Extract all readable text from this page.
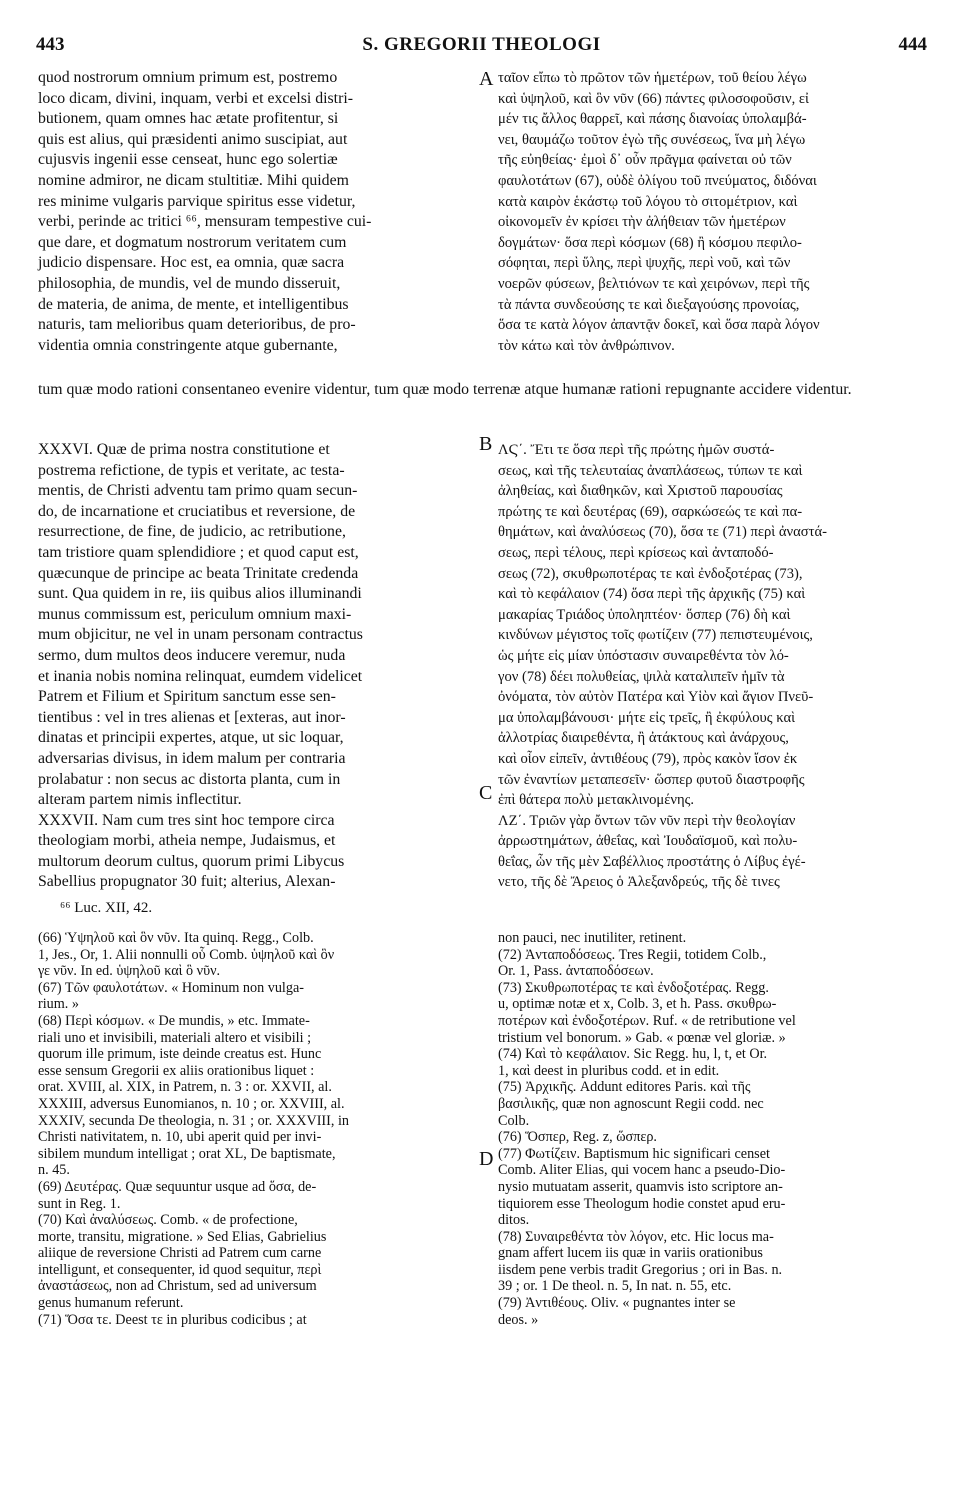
443	S. GREGORII THEOLOGI	444
A
B
C
D

quod nostrorum omnium primum est, postremo

loco dicam, divini, inquam, verbi et excelsi distri-

butionem, quam omnes hac ætate profitentur, si

quis est alius, qui præsidenti animo suscipiat, aut

cujusvis ingenii esse censeat, hunc ego solertiæ

nomine admiror, ne dicam stultitiæ. Mihi quidem

res minime vulgaris parvique spiritus esse videtur,

verbi, perinde ac tritici ⁶⁶, mensuram tempestive cui-

que dare, et dogmatum nostrorum veritatem cum

judicio dispensare. Hoc est, ea omnia, quæ sacra

philosophia, de mundis, vel de mundo disseruit,

de materia, de anima, de mente, et intelligentibus

naturis, tam melioribus quam deterioribus, de pro-

videntia omnia constringente atque gubernante,

ταῖον εἴπω τὸ πρῶτον τῶν ἡμετέρων, τοῦ θείου λέγω

καὶ ὑψηλοῦ, καὶ ὃν νῦν (66) πάντες φιλοσοφοῦσιν, εἰ

μέν τις ἄλλος θαρρεῖ, καὶ πάσης διανοίας ὑπολαμβά-

νει, θαυμάζω τοῦτον ἐγὼ τῆς συνέσεως, ἵνα μὴ λέγω

τῆς εὐηθείας· ἐμοὶ δ᾽ οὖν πρᾶγμα φαίνεται οὐ τῶν

φαυλοτάτων (67), οὐδὲ ὀλίγου τοῦ πνεύματος, διδόναι

κατὰ καιρὸν ἑκάστῳ τοῦ λόγου τὸ σιτομέτριον, καὶ

οἰκονομεῖν ἐν κρίσει τὴν ἀλήθειαν τῶν ἡμετέρων

δογμάτων· ὅσα περὶ κόσμων (68) ἢ κόσμου πεφιλο-

σόφηται, περὶ ὕλης, περὶ ψυχῆς, περὶ νοῦ, καὶ τῶν

νοερῶν φύσεων, βελτιόνων τε καὶ χειρόνων, περὶ τῆς

τὰ πάντα συνδεούσης τε καὶ διεξαγούσης προνοίας,

ὅσα τε κατὰ λόγον ἀπαντᾷν δοκεῖ, καὶ ὅσα παρὰ λόγον

τὸν κάτω καὶ τὸν ἀνθρώπινον.

tum quæ modo rationi consentaneo evenire videntur, tum quæ modo terrenæ atque humanæ rationi repugnante accidere videntur.

XXXVI. Quæ de prima nostra constitutione et

postrema refictione, de typis et veritate, ac testa-

mentis, de Christi adventu tam primo quam secun-

do, de incarnatione et cruciatibus et reversione, de

resurrectione, de fine, de judicio, ac retributione,

tam tristiore quam splendidiore ; et quod caput est,

quæcunque de principe ac beata Trinitate credenda

sunt. Qua quidem in re, iis quibus alios illuminandi

munus commissum est, periculum omnium maxi-

mum objicitur, ne vel in unam personam contractus

sermo, dum multos deos inducere veremur, nuda

et inania nobis nomina relinquat, eumdem videlicet

Patrem et Filium et Spiritum sanctum esse sen-

tientibus : vel in tres alienas et [exteras, aut inor-

dinatas et principii expertes, atque, ut sic loquar,

adversarias divisus, in idem malum per contraria

prolabatur : non secus ac distorta planta, cum in

alteram partem nimis inflectitur.

XXXVII. Nam cum tres sint hoc tempore circa

theologiam morbi, atheia nempe, Judaismus, et

multorum deorum cultus, quorum primi Libycus

Sabellius propugnator 30 fuit; alterius, Alexan-

ΛϚ΄. Ἔτι τε ὅσα περὶ τῆς πρώτης ἡμῶν συστά-

σεως, καὶ τῆς τελευταίας ἀναπλάσεως, τύπων τε καὶ

ἀληθείας, καὶ διαθηκῶν, καὶ Χριστοῦ παρουσίας

πρώτης τε καὶ δευτέρας (69), σαρκώσεώς τε καὶ πα-

θημάτων, καὶ ἀναλύσεως (70), ὅσα τε (71) περὶ ἀναστά-

σεως, περὶ τέλους, περὶ κρίσεως καὶ ἀνταποδό-

σεως (72), σκυθρωποτέρας τε καὶ ἐνδοξοτέρας (73),

καὶ τὸ κεφάλαιον (74) ὅσα περὶ τῆς ἀρχικῆς (75) καὶ

μακαρίας Τριάδος ὑποληπτέον· ὅσπερ (76) δὴ καὶ

κινδύνων μέγιστος τοῖς φωτίζειν (77) πεπιστευμένοις,

ὡς μήτε εἰς μίαν ὑπόστασιν συναιρεθέντα τὸν λό-

γον (78) δέει πολυθείας, ψιλὰ καταλιπεῖν ἡμῖν τὰ

ὀνόματα, τὸν αὐτὸν Πατέρα καὶ Υἱὸν καὶ ἅγιον Πνεῦ-

μα ὑπολαμβάνουσι· μήτε εἰς τρεῖς, ἢ ἐκφύλους καὶ

ἀλλοτρίας διαιρεθέντα, ἢ ἀτάκτους καὶ ἀνάρχους,

καὶ οἷον εἰπεῖν, ἀντιθέους (79), πρὸς κακὸν ἴσον ἐκ

τῶν ἐναντίων μεταπεσεῖν· ὥσπερ φυτοῦ διαστροφῆς

ἐπὶ θάτερα πολὺ μετακλινομένης.

ΛΖ΄. Τριῶν γὰρ ὄντων τῶν νῦν περὶ τὴν θεολογίαν

ἀρρωστημάτων, ἀθεΐας, καὶ Ἰουδαϊσμοῦ, καὶ πολυ-

θεΐας, ὧν τῆς μὲν Σαβέλλιος προστάτης ὁ Λίβυς ἐγέ-

νετο, τῆς δὲ Ἄρειος ὁ Ἀλεξανδρεύς, τῆς δὲ τινες

⁶⁶ Luc. XII, 42.

(66) Ὑψηλοῦ καὶ ὃν νῦν. Ita quinq. Regg., Colb.

1, Jes., Or, 1. Alii nonnulli οὗ Comb. ὑψηλοῦ καὶ ὃν

γε νῦν. In ed. ὑψηλοῦ καὶ ὃ νῦν.

(67) Τῶν φαυλοτάτων. « Hominum non vulga-

rium. »

(68) Περὶ κόσμων. « De mundis, » etc. Immate-

riali uno et invisibili, materiali altero et visibili ;

quorum ille primum, iste deinde creatus est. Hunc

esse sensum Gregorii ex aliis orationibus liquet :

orat. XVIII, al. XIX, in Patrem, n. 3 : or. XXVII, al.

XXXIII, adversus Eunomianos, n. 10 ; or. XXVIII, al.

XXXIV, secunda De theologia, n. 31 ; or. XXXVIII, in

Christi nativitatem, n. 10, ubi aperit quid per invi-

sibilem mundum intelligat ; orat XL, De baptismate,

n. 45.

(69) Δευτέρας. Quæ sequuntur usque ad ὅσα, de-

sunt in Reg. 1.

(70) Καὶ ἀναλύσεως. Comb. « de profectione,

morte, transitu, migratione. » Sed Elias, Gabrielius

aliique de reversione Christi ad Patrem cum carne

intelligunt, et consequenter, id quod sequitur, περὶ

ἀναστάσεως, non ad Christum, sed ad universum

genus humanum referunt.

(71) Ὅσα τε. Deest τε in pluribus codicibus ; at

non pauci, nec inutiliter, retinent.

(72) Ἀνταποδόσεως. Tres Regii, totidem Colb.,

Or. 1, Pass. ἀνταποδόσεων.

(73) Σκυθρωποτέρας τε καὶ ἐνδοξοτέρας. Regg.

u, optimæ notæ et x, Colb. 3, et h. Pass. σκυθρω-

ποτέρων καὶ ἐνδοξοτέρων. Ruf. « de retributione vel

tristium vel bonorum. » Gab. « pœnæ vel gloriæ. »

(74) Καὶ τὸ κεφάλαιον. Sic Regg. hu, l, t, et Or.

1, καὶ deest in pluribus codd. et in edit.

(75) Ἀρχικῆς. Addunt editores Paris. καὶ τῆς

βασιλικῆς, quæ non agnoscunt Regii codd. nec

Colb.

(76) Ὅσπερ, Reg. z, ὥσπερ.

(77) Φωτίζειν. Baptismum hic significari censet

Comb. Aliter Elias, qui vocem hanc a pseudo-Dio-

nysio mutuatam asserit, quamvis isto scriptore an-

tiquiorem esse Theologum hodie constet apud eru-

ditos.

(78) Συναιρεθέντα τὸν λόγον, etc. Hic locus ma-

gnam affert lucem iis quæ in variis orationibus

iisdem pene verbis tradit Gregorius ; ori in Bas. n.

39 ; or. 1 De theol. n. 5, In nat. n. 55, etc.

(79) Ἀντιθέους. Oliv. « pugnantes inter se

deos. »
